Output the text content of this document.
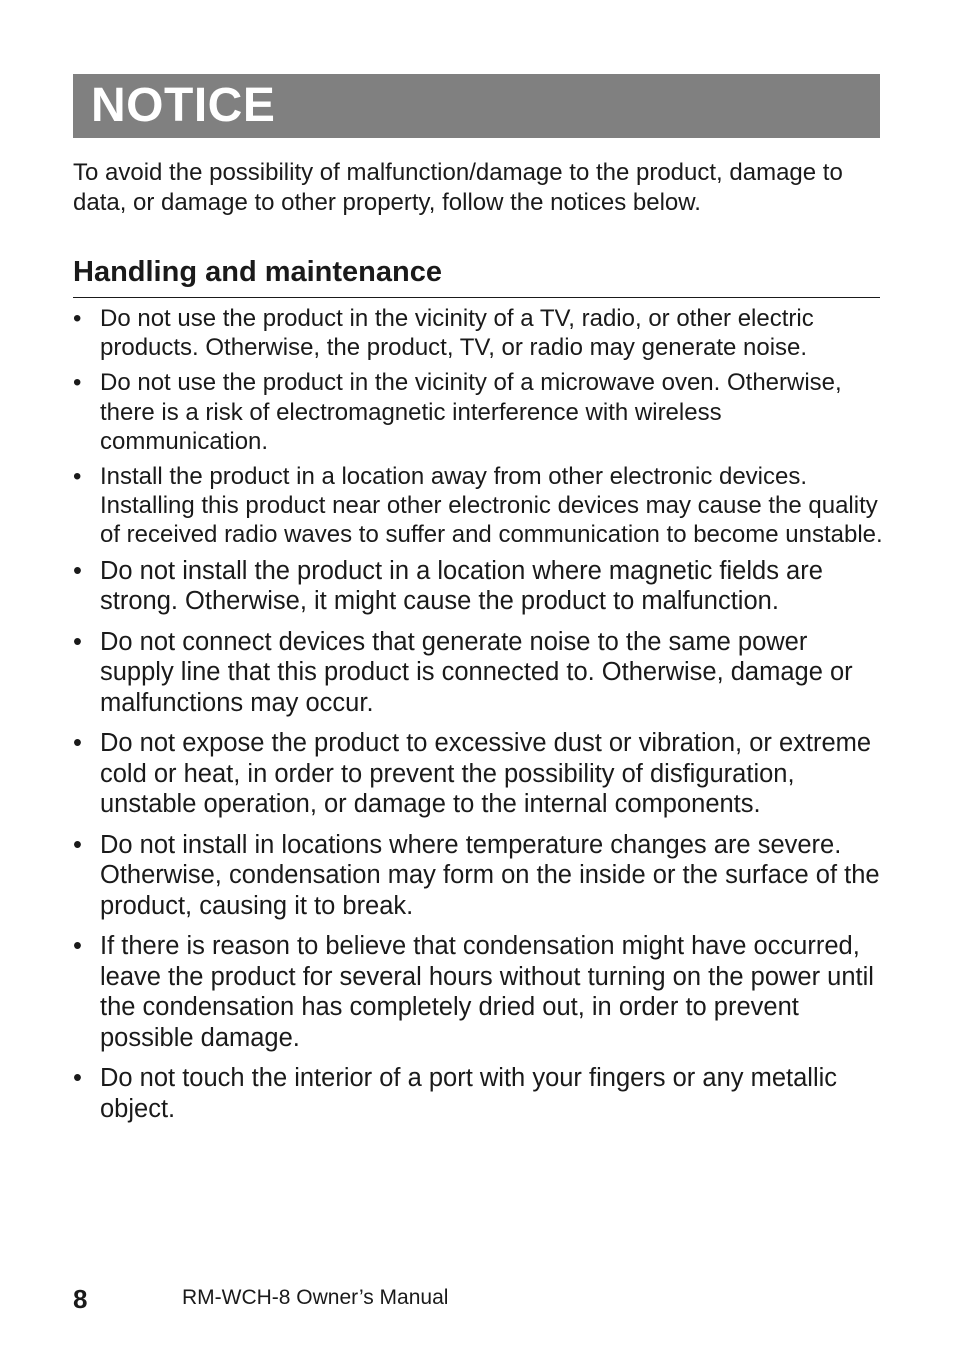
NOTICE

To avoid the possibility of malfunction/damage to the product, damage to data, or damage to other property, follow the notices below.

Handling and maintenance
• Do not use the product in the vicinity of a TV, radio, or other electric products. Otherwise, the product, TV, or radio may generate noise.
• Do not use the product in the vicinity of a microwave oven. Otherwise, there is a risk of electromagnetic interference with wireless communication.
• Install the product in a location away from other electronic devices. Installing this product near other electronic devices may cause the quality of received radio waves to suffer and communication to become unstable.
• Do not install the product in a location where magnetic fields are strong. Otherwise, it might cause the product to malfunction.
• Do not connect devices that generate noise to the same power supply line that this product is connected to. Otherwise, damage or malfunctions may occur.
• Do not expose the product to excessive dust or vibration, or extreme cold or heat, in order to prevent the possibility of disfiguration, unstable operation, or damage to the internal components.
• Do not install in locations where temperature changes are severe. Otherwise, condensation may form on the inside or the surface of the product, causing it to break.
• If there is reason to believe that condensation might have occurred, leave the product for several hours without turning on the power until the condensation has completely dried out, in order to prevent possible damage.
• Do not touch the interior of a port with your fingers or any metallic object.
8	RM-WCH-8 Owner’s Manual
